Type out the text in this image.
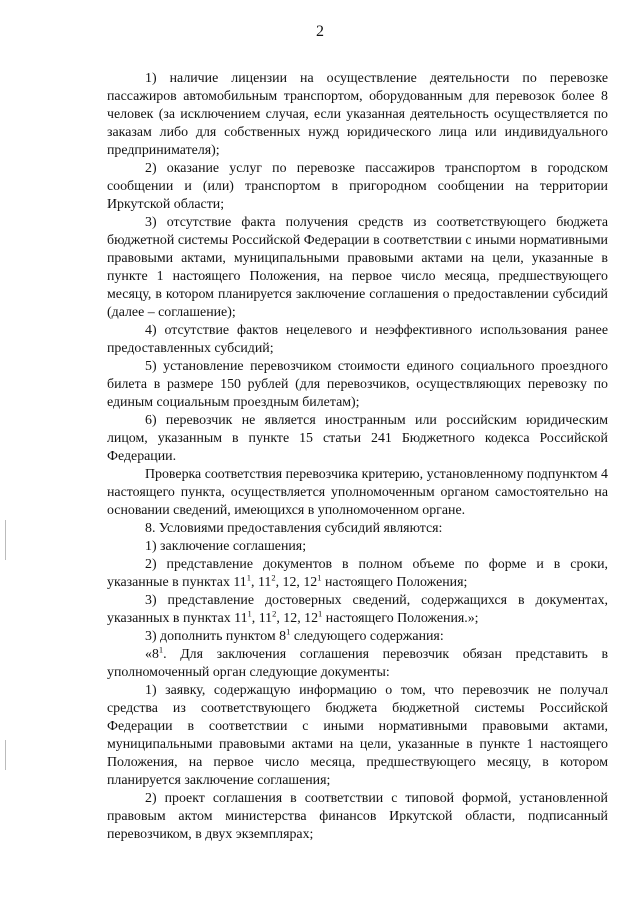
2

1) наличие лицензии на осуществление деятельности по перевозке пассажиров автомобильным транспортом, оборудованным для перевозок более 8 человек (за исключением случая, если указанная деятельность осуществляется по заказам либо для собственных нужд юридического лица или индивидуального предпринимателя);

2) оказание услуг по перевозке пассажиров транспортом в городском сообщении и (или) транспортом в пригородном сообщении на территории Иркутской области;

3) отсутствие факта получения средств из соответствующего бюджета бюджетной системы Российской Федерации в соответствии с иными нормативными правовыми актами, муниципальными правовыми актами на цели, указанные в пункте 1 настоящего Положения, на первое число месяца, предшествующего месяцу, в котором планируется заключение соглашения о предоставлении субсидий (далее – соглашение);

4) отсутствие фактов нецелевого и неэффективного использования ранее предоставленных субсидий;

5) установление перевозчиком стоимости единого социального проездного билета в размере 150 рублей (для перевозчиков, осуществляющих перевозку по единым социальным проездным билетам);

6) перевозчик не является иностранным или российским юридическим лицом, указанным в пункте 15 статьи 241 Бюджетного кодекса Российской Федерации.

Проверка соответствия перевозчика критерию, установленному подпунктом 4 настоящего пункта, осуществляется уполномоченным органом самостоятельно на основании сведений, имеющихся в уполномоченном органе.

8. Условиями предоставления субсидий являются:

1) заключение соглашения;

2) представление документов в полном объеме по форме и в сроки, указанные в пунктах $11^1$, $11^2$, 12, $12^1$ настоящего Положения;

3) представление достоверных сведений, содержащихся в документах, указанных в пунктах $11^1$, $11^2$, 12, $12^1$ настоящего Положения.»;

3) дополнить пунктом $8^1$ следующего содержания:

«$8^1$. Для заключения соглашения перевозчик обязан представить в уполномоченный орган следующие документы:

1) заявку, содержащую информацию о том, что перевозчик не получал средства из соответствующего бюджета бюджетной системы Российской Федерации в соответствии с иными нормативными правовыми актами, муниципальными правовыми актами на цели, указанные в пункте 1 настоящего Положения, на первое число месяца, предшествующего месяцу, в котором планируется заключение соглашения;

2) проект соглашения в соответствии с типовой формой, установленной правовым актом министерства финансов Иркутской области, подписанный перевозчиком, в двух экземплярах;
